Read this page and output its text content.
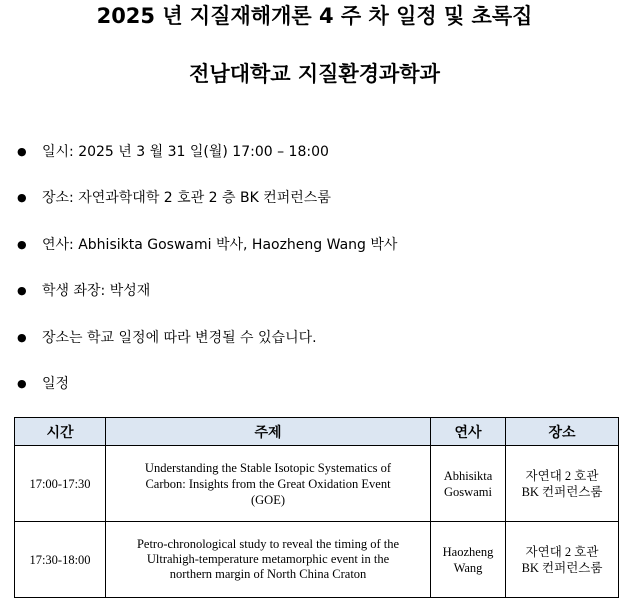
2025 년 지질재해개론 4 주 차 일정 및 초록집
전남대학교 지질환경과학과
● 일시: 2025 년 3 월 31 일(월) 17:00 – 18:00
● 장소: 자연과학대학 2 호관 2 층 BK 컨퍼런스룸
● 연사: Abhisikta Goswami 박사, Haozheng Wang 박사
● 학생 좌장: 박성재
● 장소는 학교 일정에 따라 변경될 수 있습니다.
● 일정
시간	주제	연사	장소
17:00-17:30	Understanding the Stable Isotopic Systematics of
Carbon: Insights from the Great Oxidation Event
(GOE)	Abhisikta
Goswami	자연대 2 호관
BK 컨퍼런스룸

17:30-18:00	Petro-chronological study to reveal the timing of the
Ultrahigh-temperature metamorphic event in the
northern margin of North China Craton	Haozheng
Wang	자연대 2 호관
BK 컨퍼런스룸
